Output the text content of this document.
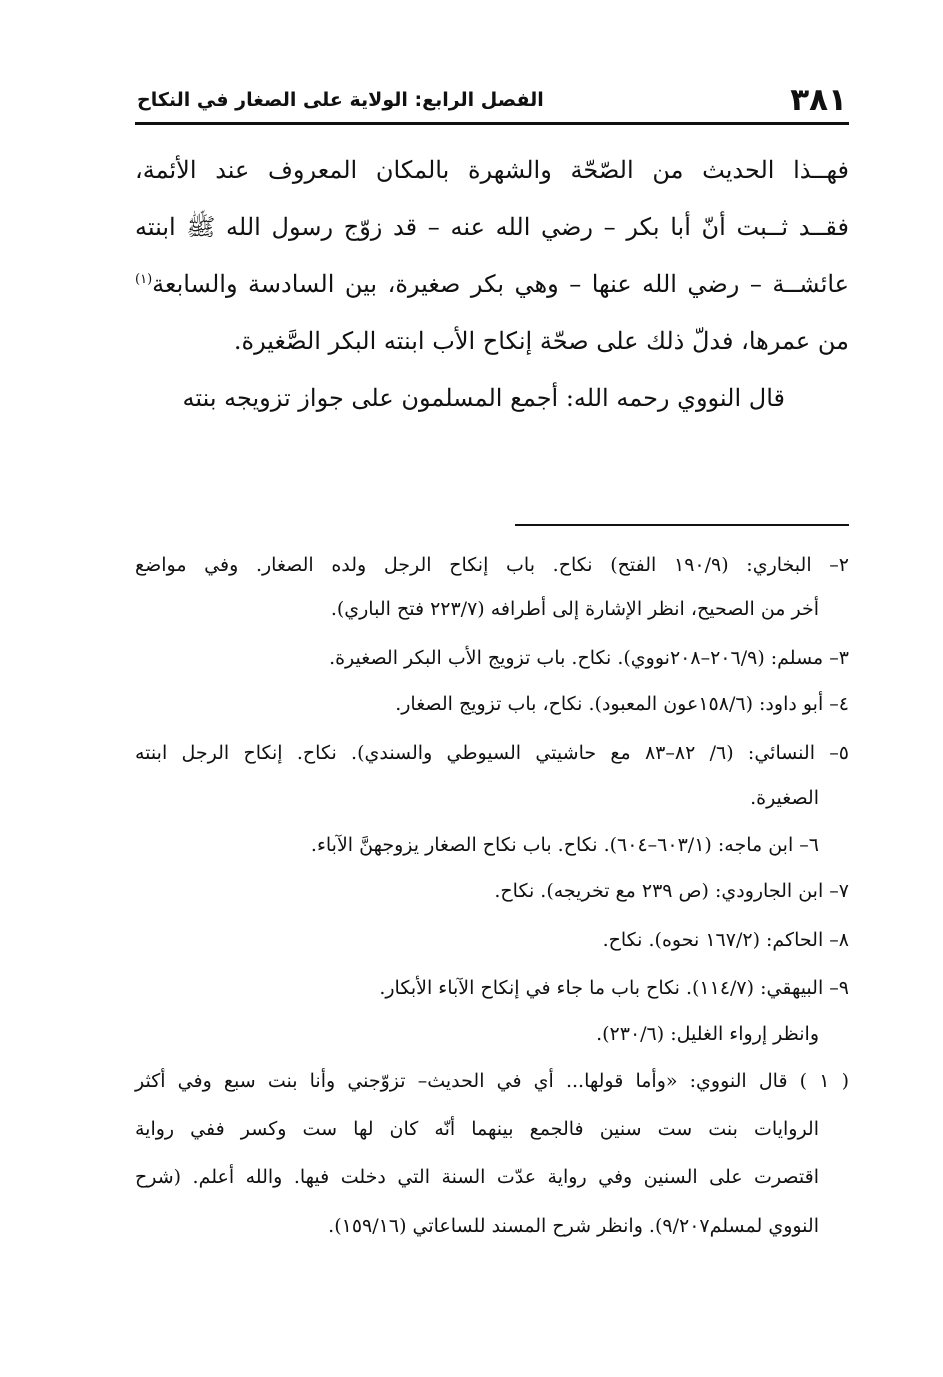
٣٨١
الفصل الرابع: الولاية على الصغار في النكاح
فهــذا الحديث من الصّحّة والشهرة بالمكان المعروف عند الأئمة،
فقــد ثــبت أنّ أبا بكر – رضي الله عنه – قد زوّج رسول الله ﷺ ابنته
عائشــة – رضي الله عنها – وهي بكر صغيرة، بين السادسة والسابعة$^{(١)}$
من عمرها، فدلّ ذلك على صحّة إنكاح الأب ابنته البكر الصَّغيرة.
قال النووي رحمه الله: أجمع المسلمون على جواز تزويجه بنته
٢– البخاري: (١٩٠/٩ الفتح) نكاح. باب إنكاح الرجل ولده الصغار. وفي مواضع
أخر من الصحيح، انظر الإشارة إلى أطرافه (٢٢٣/٧ فتح الباري).
٣– مسلم: (٢٠٦/٩–٢٠٨نووي). نكاح. باب تزويج الأب البكر الصغيرة.
٤– أبو داود: (١٥٨/٦عون المعبود). نكاح، باب تزويج الصغار.
٥– النسائي: (٦/ ٨٢–٨٣ مع حاشيتي السيوطي والسندي). نكاح. إنكاح الرجل ابنته
الصغيرة.
٦– ابن ماجه: (٦٠٣/١–٦٠٤). نكاح. باب نكاح الصغار يزوجهنَّ الآباء.
٧– ابن الجارودي: (ص ٢٣٩ مع تخريجه). نكاح.
٨– الحاكم: (١٦٧/٢ نحوه). نكاح.
٩– البيهقي: (١١٤/٧). نكاح باب ما جاء في إنكاح الآباء الأبكار.
وانظر إرواء الغليل: (٢٣٠/٦).
( ١ ) قال النووي: «وأما قولها... أي في الحديث– تزوّجني وأنا بنت سبع وفي أكثر
الروايات بنت ست سنين فالجمع بينهما أنّه كان لها ست وكسر ففي رواية
اقتصرت على السنين وفي رواية عدّت السنة التي دخلت فيها. والله أعلم. (شرح
النووي لمسلم٩/٢٠٧). وانظر شرح المسند للساعاتي (١٥٩/١٦).
